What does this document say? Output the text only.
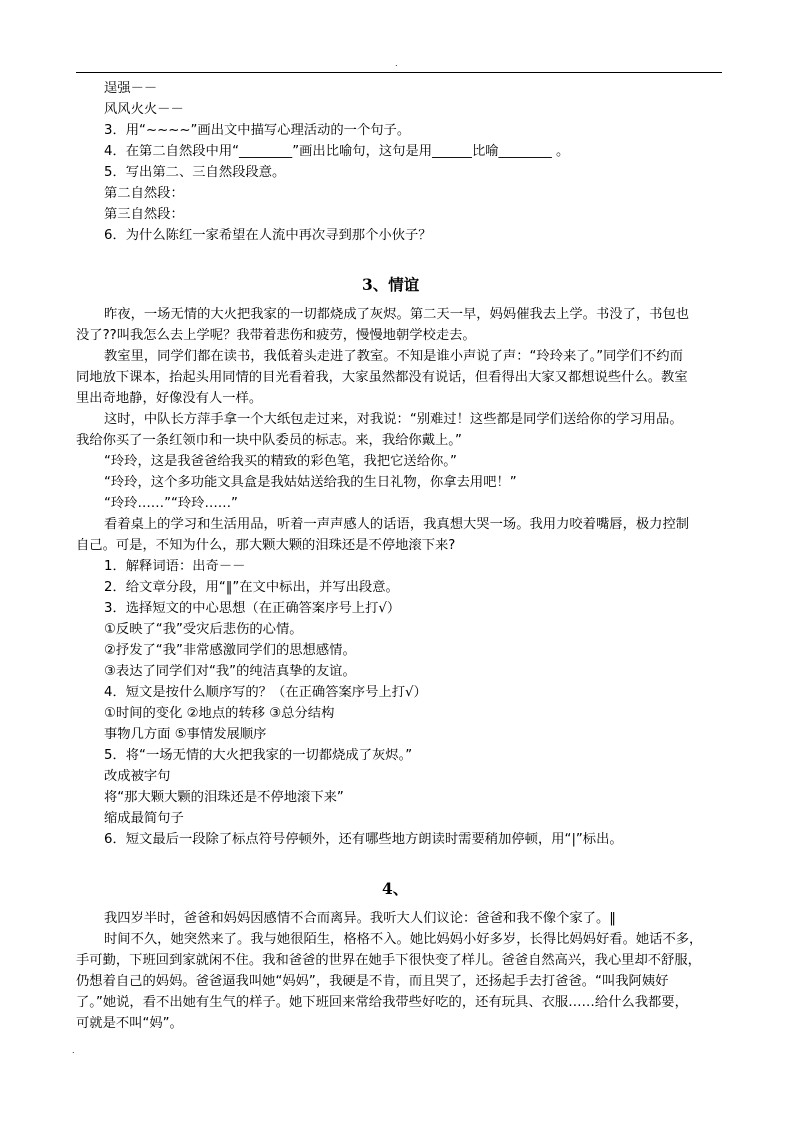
.
逞强－－
风风火火－－
3．用“~~~~”画出文中描写心理活动的一个句子。
4．在第二自然段中用“________”画出比喻句，这句是用______比喻________ 。
5．写出第二、三自然段段意。
第二自然段：
第三自然段：
6．为什么陈红一家希望在人流中再次寻到那个小伙子？
3、情谊
昨夜，一场无情的大火把我家的一切都烧成了灰烬。第二天一早，妈妈催我去上学。书没了，书包也
没了??叫我怎么去上学呢？我带着悲伤和疲劳，慢慢地朝学校走去。
教室里，同学们都在读书，我低着头走进了教室。不知是谁小声说了声：“玲玲来了。”同学们不约而
同地放下课本，抬起头用同情的目光看着我，大家虽然都没有说话，但看得出大家又都想说些什么。教室
里出奇地静，好像没有人一样。
这时，中队长方萍手拿一个大纸包走过来，对我说：“别难过！这些都是同学们送给你的学习用品。
我给你买了一条红领巾和一块中队委员的标志。来，我给你戴上。”
“玲玲，这是我爸爸给我买的精致的彩色笔，我把它送给你。”
“玲玲，这个多功能文具盒是我姑姑送给我的生日礼物，你拿去用吧！”
“玲玲……”“玲玲……”
看着桌上的学习和生活用品，听着一声声感人的话语，我真想大哭一场。我用力咬着嘴唇，极力控制
自己。可是，不知为什么，那大颗大颗的泪珠还是不停地滚下来?
1．解释词语：出奇－－
2．给文章分段，用“‖”在文中标出，并写出段意。
3．选择短文的中心思想（在正确答案序号上打√）
①反映了“我”受灾后悲伤的心情。
②抒发了“我”非常感激同学们的思想感情。
③表达了同学们对“我”的纯洁真挚的友谊。
4．短文是按什么顺序写的？（在正确答案序号上打√）
①时间的变化 ②地点的转移 ③总分结构
事物几方面 ⑤事情发展顺序
5．将“一场无情的大火把我家的一切都烧成了灰烬。”
改成被字句
将“那大颗大颗的泪珠还是不停地滚下来”
缩成最简句子
6．短文最后一段除了标点符号停顿外，还有哪些地方朗读时需要稍加停顿，用“|”标出。
4、
我四岁半时，爸爸和妈妈因感情不合而离异。我听大人们议论：爸爸和我不像个家了。‖
时间不久，她突然来了。我与她很陌生，格格不入。她比妈妈小好多岁，长得比妈妈好看。她话不多，
手可勤，下班回到家就闲不住。我和爸爸的世界在她手下很快变了样儿。爸爸自然高兴，我心里却不舒服，
仍想着自己的妈妈。爸爸逼我叫她“妈妈”，我硬是不肯，而且哭了，还扬起手去打爸爸。“叫我阿姨好
了。”她说，看不出她有生气的样子。她下班回来常给我带些好吃的，还有玩具、衣服……给什么我都要，
可就是不叫“妈”。
.
